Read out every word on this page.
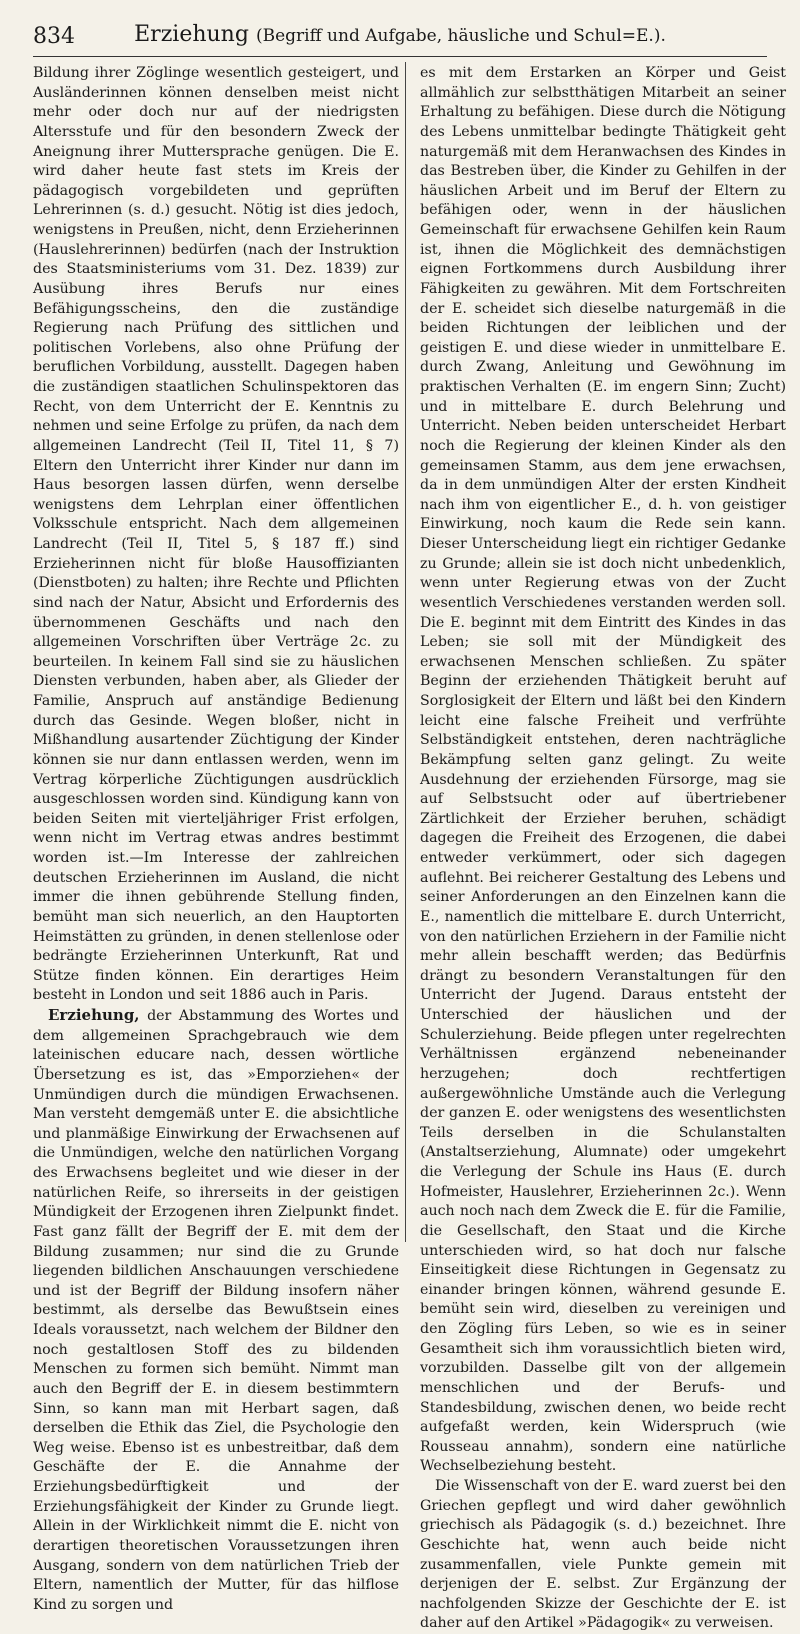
834	Erziehung (Begriff und Aufgabe, häusliche und Schul=E.).

Bildung ihrer Zöglinge wesentlich gesteigert, und Ausländerinnen können denselben meist nicht mehr oder doch nur auf der niedrigsten Altersstufe und für den besondern Zweck der Aneignung ihrer Muttersprache genügen. Die E. wird daher heute fast stets im Kreis der pädagogisch vorgebildeten und geprüften Lehrerinnen (s. d.) gesucht. Nötig ist dies jedoch, wenigstens in Preußen, nicht, denn Erzieherinnen (Hauslehrerinnen) bedürfen (nach der Instruktion des Staatsministeriums vom 31. Dez. 1839) zur Ausübung ihres Berufs nur eines Befähigungsscheins, den die zuständige Regierung nach Prüfung des sittlichen und politischen Vorlebens, also ohne Prüfung der beruflichen Vorbildung, ausstellt. Dagegen haben die zuständigen staatlichen Schulinspektoren das Recht, von dem Unterricht der E. Kenntnis zu nehmen und seine Erfolge zu prüfen, da nach dem allgemeinen Landrecht (Teil II, Titel 11, § 7) Eltern den Unterricht ihrer Kinder nur dann im Haus besorgen lassen dürfen, wenn derselbe wenigstens dem Lehrplan einer öffentlichen Volksschule entspricht. Nach dem allgemeinen Landrecht (Teil II, Titel 5, § 187 ff.) sind Erzieherinnen nicht für bloße Hausoffizianten (Dienstboten) zu halten; ihre Rechte und Pflichten sind nach der Natur, Absicht und Erfordernis des übernommenen Geschäfts und nach den allgemeinen Vorschriften über Verträge 2c. zu beurteilen. In keinem Fall sind sie zu häuslichen Diensten verbunden, haben aber, als Glieder der Familie, Anspruch auf anständige Bedienung durch das Gesinde. Wegen bloßer, nicht in Mißhandlung ausartender Züchtigung der Kinder können sie nur dann entlassen werden, wenn im Vertrag körperliche Züchtigungen ausdrücklich ausgeschlossen worden sind. Kündigung kann von beiden Seiten mit vierteljähriger Frist erfolgen, wenn nicht im Vertrag etwas andres bestimmt worden ist.—Im Interesse der zahlreichen deutschen Erzieherinnen im Ausland, die nicht immer die ihnen gebührende Stellung finden, bemüht man sich neuerlich, an den Hauptorten Heimstätten zu gründen, in denen stellenlose oder bedrängte Erzieherinnen Unterkunft, Rat und Stütze finden können. Ein derartiges Heim besteht in London und seit 1886 auch in Paris.

Erziehung, der Abstammung des Wortes und dem allgemeinen Sprachgebrauch wie dem lateinischen educare nach, dessen wörtliche Übersetzung es ist, das »Emporziehen« der Unmündigen durch die mündigen Erwachsenen. Man versteht demgemäß unter E. die absichtliche und planmäßige Einwirkung der Erwachsenen auf die Unmündigen, welche den natürlichen Vorgang des Erwachsens begleitet und wie dieser in der natürlichen Reife, so ihrerseits in der geistigen Mündigkeit der Erzogenen ihren Zielpunkt findet. Fast ganz fällt der Begriff der E. mit dem der Bildung zusammen; nur sind die zu Grunde liegenden bildlichen Anschauungen verschiedene und ist der Begriff der Bildung insofern näher bestimmt, als derselbe das Bewußtsein eines Ideals voraussetzt, nach welchem der Bildner den noch gestaltlosen Stoff des zu bildenden Menschen zu formen sich bemüht. Nimmt man auch den Begriff der E. in diesem bestimmtern Sinn, so kann man mit Herbart sagen, daß derselben die Ethik das Ziel, die Psychologie den Weg weise. Ebenso ist es unbestreitbar, daß dem Geschäfte der E. die Annahme der Erziehungsbedürftigkeit und der Erziehungsfähigkeit der Kinder zu Grunde liegt. Allein in der Wirklichkeit nimmt die E. nicht von derartigen theoretischen Voraussetzungen ihren Ausgang, sondern von dem natürlichen Trieb der Eltern, namentlich der Mutter, für das hilflose Kind zu sorgen und

es mit dem Erstarken an Körper und Geist allmählich zur selbstthätigen Mitarbeit an seiner Erhaltung zu befähigen. Diese durch die Nötigung des Lebens unmittelbar bedingte Thätigkeit geht naturgemäß mit dem Heranwachsen des Kindes in das Bestreben über, die Kinder zu Gehilfen in der häuslichen Arbeit und im Beruf der Eltern zu befähigen oder, wenn in der häuslichen Gemeinschaft für erwachsene Gehilfen kein Raum ist, ihnen die Möglichkeit des demnächstigen eignen Fortkommens durch Ausbildung ihrer Fähigkeiten zu gewähren. Mit dem Fortschreiten der E. scheidet sich dieselbe naturgemäß in die beiden Richtungen der leiblichen und der geistigen E. und diese wieder in unmittelbare E. durch Zwang, Anleitung und Gewöhnung im praktischen Verhalten (E. im engern Sinn; Zucht) und in mittelbare E. durch Belehrung und Unterricht. Neben beiden unterscheidet Herbart noch die Regierung der kleinen Kinder als den gemeinsamen Stamm, aus dem jene erwachsen, da in dem unmündigen Alter der ersten Kindheit nach ihm von eigentlicher E., d. h. von geistiger Einwirkung, noch kaum die Rede sein kann. Dieser Unterscheidung liegt ein richtiger Gedanke zu Grunde; allein sie ist doch nicht unbedenklich, wenn unter Regierung etwas von der Zucht wesentlich Verschiedenes verstanden werden soll. Die E. beginnt mit dem Eintritt des Kindes in das Leben; sie soll mit der Mündigkeit des erwachsenen Menschen schließen. Zu später Beginn der erziehenden Thätigkeit beruht auf Sorglosigkeit der Eltern und läßt bei den Kindern leicht eine falsche Freiheit und verfrühte Selbständigkeit entstehen, deren nachträgliche Bekämpfung selten ganz gelingt. Zu weite Ausdehnung der erziehenden Fürsorge, mag sie auf Selbstsucht oder auf übertriebener Zärtlichkeit der Erzieher beruhen, schädigt dagegen die Freiheit des Erzogenen, die dabei entweder verkümmert, oder sich dagegen auflehnt. Bei reicherer Gestaltung des Lebens und seiner Anforderungen an den Einzelnen kann die E., namentlich die mittelbare E. durch Unterricht, von den natürlichen Erziehern in der Familie nicht mehr allein beschafft werden; das Bedürfnis drängt zu besondern Veranstaltungen für den Unterricht der Jugend. Daraus entsteht der Unterschied der häuslichen und der Schulerziehung. Beide pflegen unter regelrechten Verhältnissen ergänzend nebeneinander herzugehen; doch rechtfertigen außergewöhnliche Umstände auch die Verlegung der ganzen E. oder wenigstens des wesentlichsten Teils derselben in die Schulanstalten (Anstaltserziehung, Alumnate) oder umgekehrt die Verlegung der Schule ins Haus (E. durch Hofmeister, Hauslehrer, Erzieherinnen 2c.). Wenn auch noch nach dem Zweck die E. für die Familie, die Gesellschaft, den Staat und die Kirche unterschieden wird, so hat doch nur falsche Einseitigkeit diese Richtungen in Gegensatz zu einander bringen können, während gesunde E. bemüht sein wird, dieselben zu vereinigen und den Zögling fürs Leben, so wie es in seiner Gesamtheit sich ihm voraussichtlich bieten wird, vorzubilden. Dasselbe gilt von der allgemein menschlichen und der Berufs- und Standesbildung, zwischen denen, wo beide recht aufgefaßt werden, kein Widerspruch (wie Rousseau annahm), sondern eine natürliche Wechselbeziehung besteht.

Die Wissenschaft von der E. ward zuerst bei den Griechen gepflegt und wird daher gewöhnlich griechisch als Pädagogik (s. d.) bezeichnet. Ihre Geschichte hat, wenn auch beide nicht zusammenfallen, viele Punkte gemein mit derjenigen der E. selbst. Zur Ergänzung der nachfolgenden Skizze der Geschichte der E. ist daher auf den Artikel »Pädagogik« zu verweisen.
